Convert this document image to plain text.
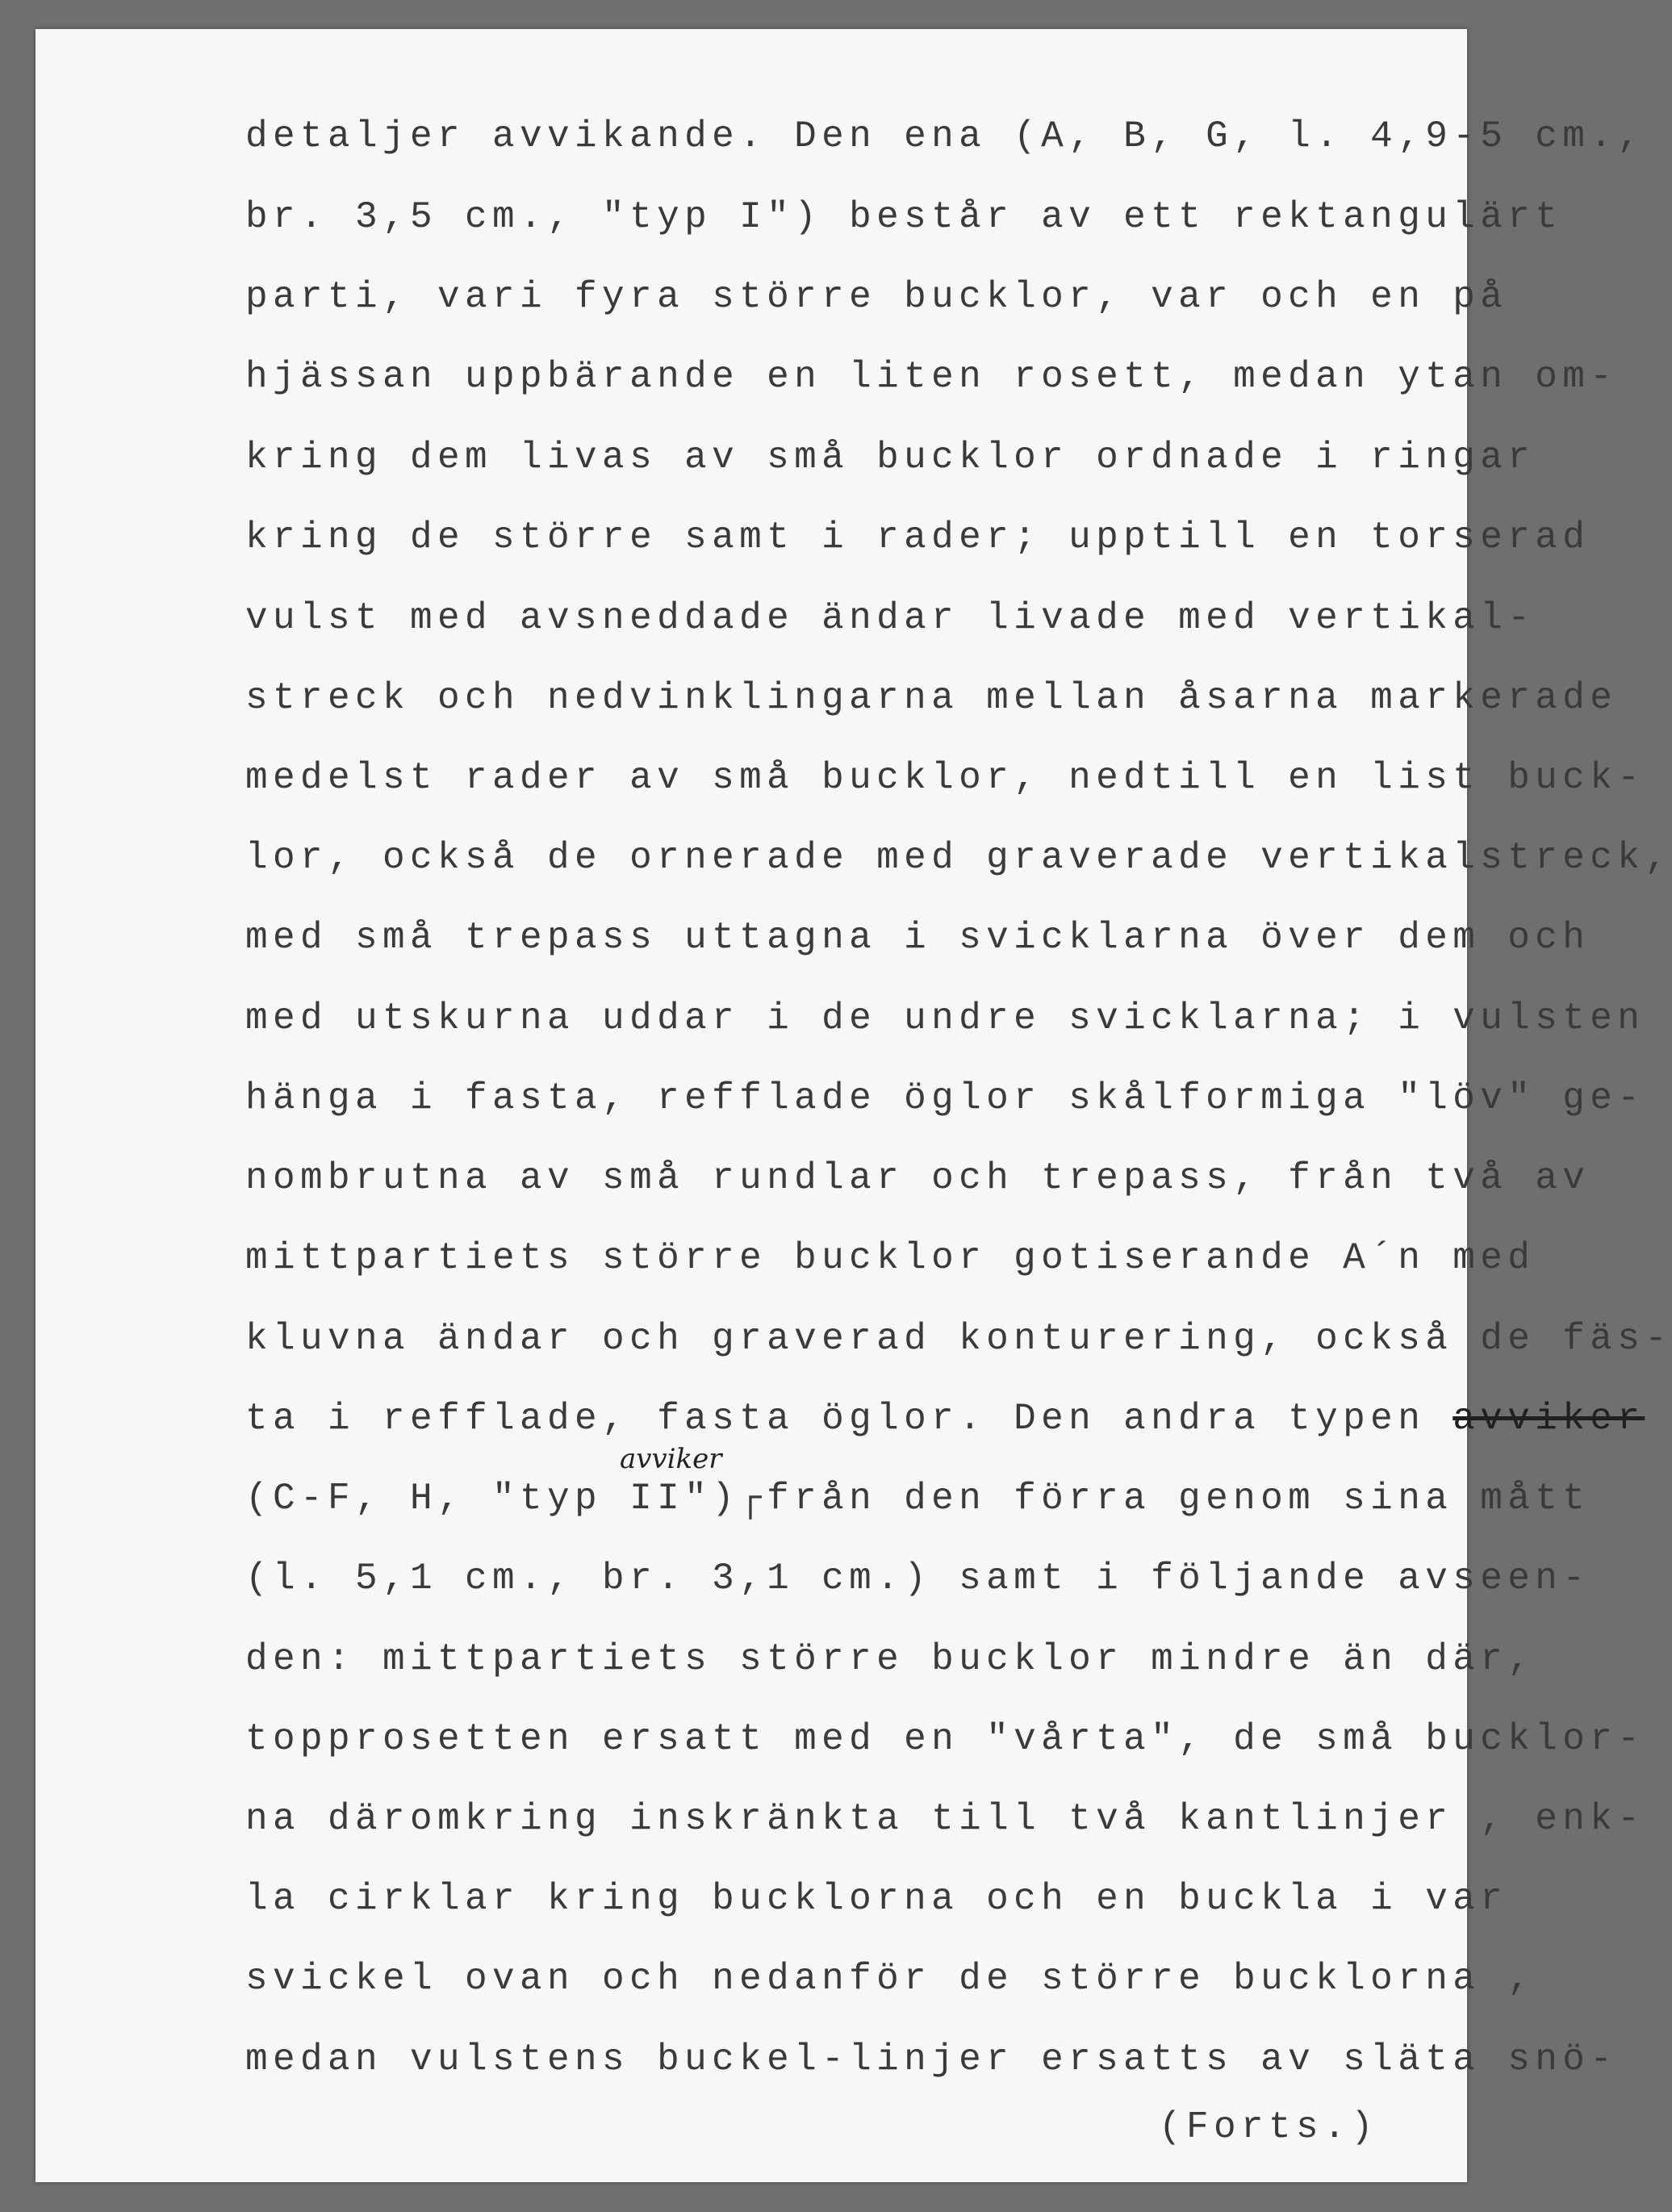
detaljer avvikande. Den ena (A, B, G, l. 4,9-5 cm.,
br. 3,5 cm., "typ I") består av ett rektangulärt
parti, vari fyra större bucklor, var och en på
hjässan uppbärande en liten rosett, medan ytan om-
kring dem livas av små bucklor ordnade i ringar
kring de större samt i rader; upptill en torserad
vulst med avsneddade ändar livade med vertikal-
streck och nedvinklingarna mellan åsarna markerade
medelst rader av små bucklor, nedtill en list buck-
lor, också de ornerade med graverade vertikalstreck,
med små trepass uttagna i svicklarna över dem och
med utskurna uddar i de undre svicklarna; i vulsten
hänga i fasta, refflade öglor skålformiga "löv" ge-
nombrutna av små rundlar och trepass, från två av
mittpartiets större bucklor gotiserande A´n med
kluvna ändar och graverad konturering, också de fäs-
ta i refflade, fasta öglor. Den andra typen avviker
avviker
(C-F, H, "typ II")┌från den förra genom sina mått
(l. 5,1 cm., br. 3,1 cm.) samt i följande avseen-
den: mittpartiets större bucklor mindre än där,
topprosetten ersatt med en "vårta", de små bucklor-
na däromkring inskränkta till två kantlinjer , enk-
la cirklar kring bucklorna och en buckla i var
svickel ovan och nedanför de större bucklorna ,
medan vulstens buckel-linjer ersatts av släta snö-
(Forts.)
